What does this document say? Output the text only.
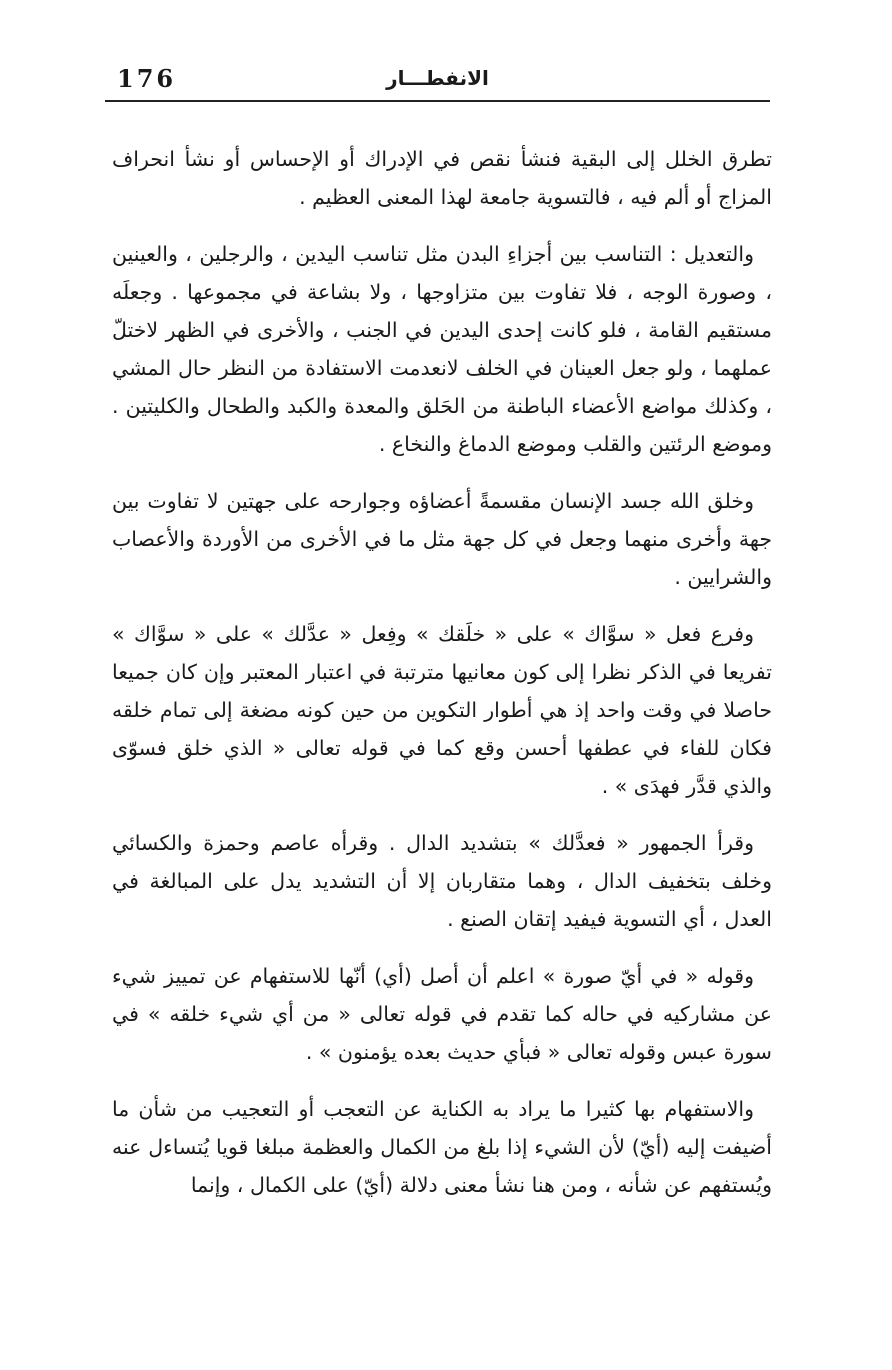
176	الانفطـــار

تطرق الخلل إلى البقية فنشأ نقص في الإدراك أو الإحساس أو نشأ انحراف المزاج أو ألم فيه ، فالتسوية جامعة لهذا المعنى العظيم .

والتعديل : التناسب بين أجزاءِ البدن مثل تناسب اليدين ، والرجلين ، والعينين ، وصورة الوجه ، فلا تفاوت بين متزاوجها ، ولا بشاعة في مجموعها . وجعلَه مستقيم القامة ، فلو كانت إحدى اليدين في الجنب ، والأخرى في الظهر لاختلّ عملهما ، ولو جعل العينان في الخلف لانعدمت الاستفادة من النظر حال المشي ، وكذلك مواضع الأعضاء الباطنة من الحَلق والمعدة والكبد والطحال والكليتين . وموضع الرئتين والقلب وموضع الدماغ والنخاع .

وخلق الله جسد الإنسان مقسمةً أعضاؤه وجوارحه على جهتين لا تفاوت بين جهة وأخرى منهما وجعل في كل جهة مثل ما في الأخرى من الأوردة والأعصاب والشرايين .

وفرع فعل « سوَّاك » على « خلَقك » وفِعل « عدَّلك » على « سوَّاك » تفريعا في الذكر نظرا إلى كون معانيها مترتبة في اعتبار المعتبر وإن كان جميعا حاصلا في وقت واحد إذ هي أطوار التكوين من حين كونه مضغة إلى تمام خلقه فكان للفاء في عطفها أحسن وقع كما في قوله تعالى « الذي خلق فسوّى والذي قدَّر فهدَى » .

وقرأ الجمهور « فعدَّلك » بتشديد الدال . وقرأه عاصم وحمزة والكسائي وخلف بتخفيف الدال ، وهما متقاربان إلا أن التشديد يدل على المبالغة في العدل ، أي التسوية فيفيد إتقان الصنع .

وقوله « في أيّ صورة » اعلم أن أصل (أي) أنّها للاستفهام عن تمييز شيء عن مشاركيه في حاله كما تقدم في قوله تعالى « من أي شيء خلقه » في سورة عبس وقوله تعالى « فبأي حديث بعده يؤمنون » .

والاستفهام بها كثيرا ما يراد به الكناية عن التعجب أو التعجيب من شأن ما أضيفت إليه (أيّ) لأن الشيء إذا بلغ من الكمال والعظمة مبلغا قويا يُتساءل عنه ويُستفهم عن شأنه ، ومن هنا نشأ معنى دلالة (أيّ) على الكمال ، وإنما
